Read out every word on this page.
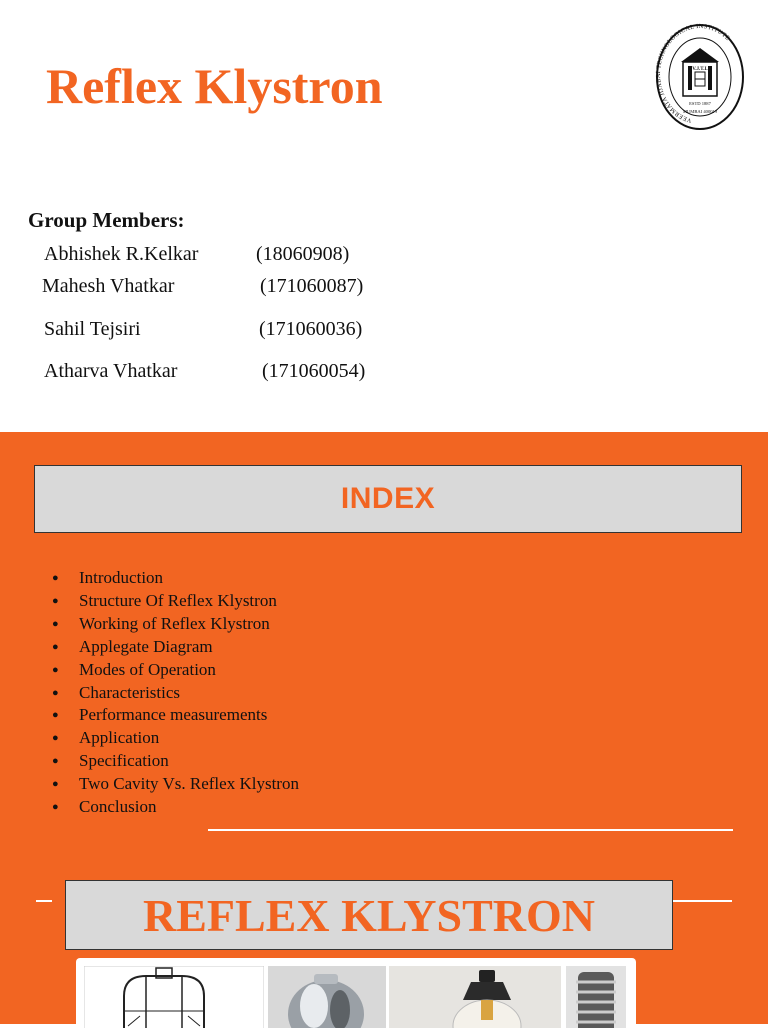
Reflex Klystron
VEERMATA JIJABAI TECHNOLOGICAL INSTITUTE
V.J.T.I.
ESTD 1887
MUMBAI 400019
Group Members:
Abhishek R.Kelkar	(18060908)
Mahesh Vhatkar	(171060087)
Sahil Tejsiri	(171060036)
Atharva Vhatkar	(171060054)
INDEX
● Introduction
● Structure Of Reflex Klystron
● Working of Reflex Klystron
● Applegate Diagram
● Modes of Operation
● Characteristics
● Performance measurements
● Application
● Specification
● Two Cavity Vs. Reflex Klystron
● Conclusion
REFLEX KLYSTRON
